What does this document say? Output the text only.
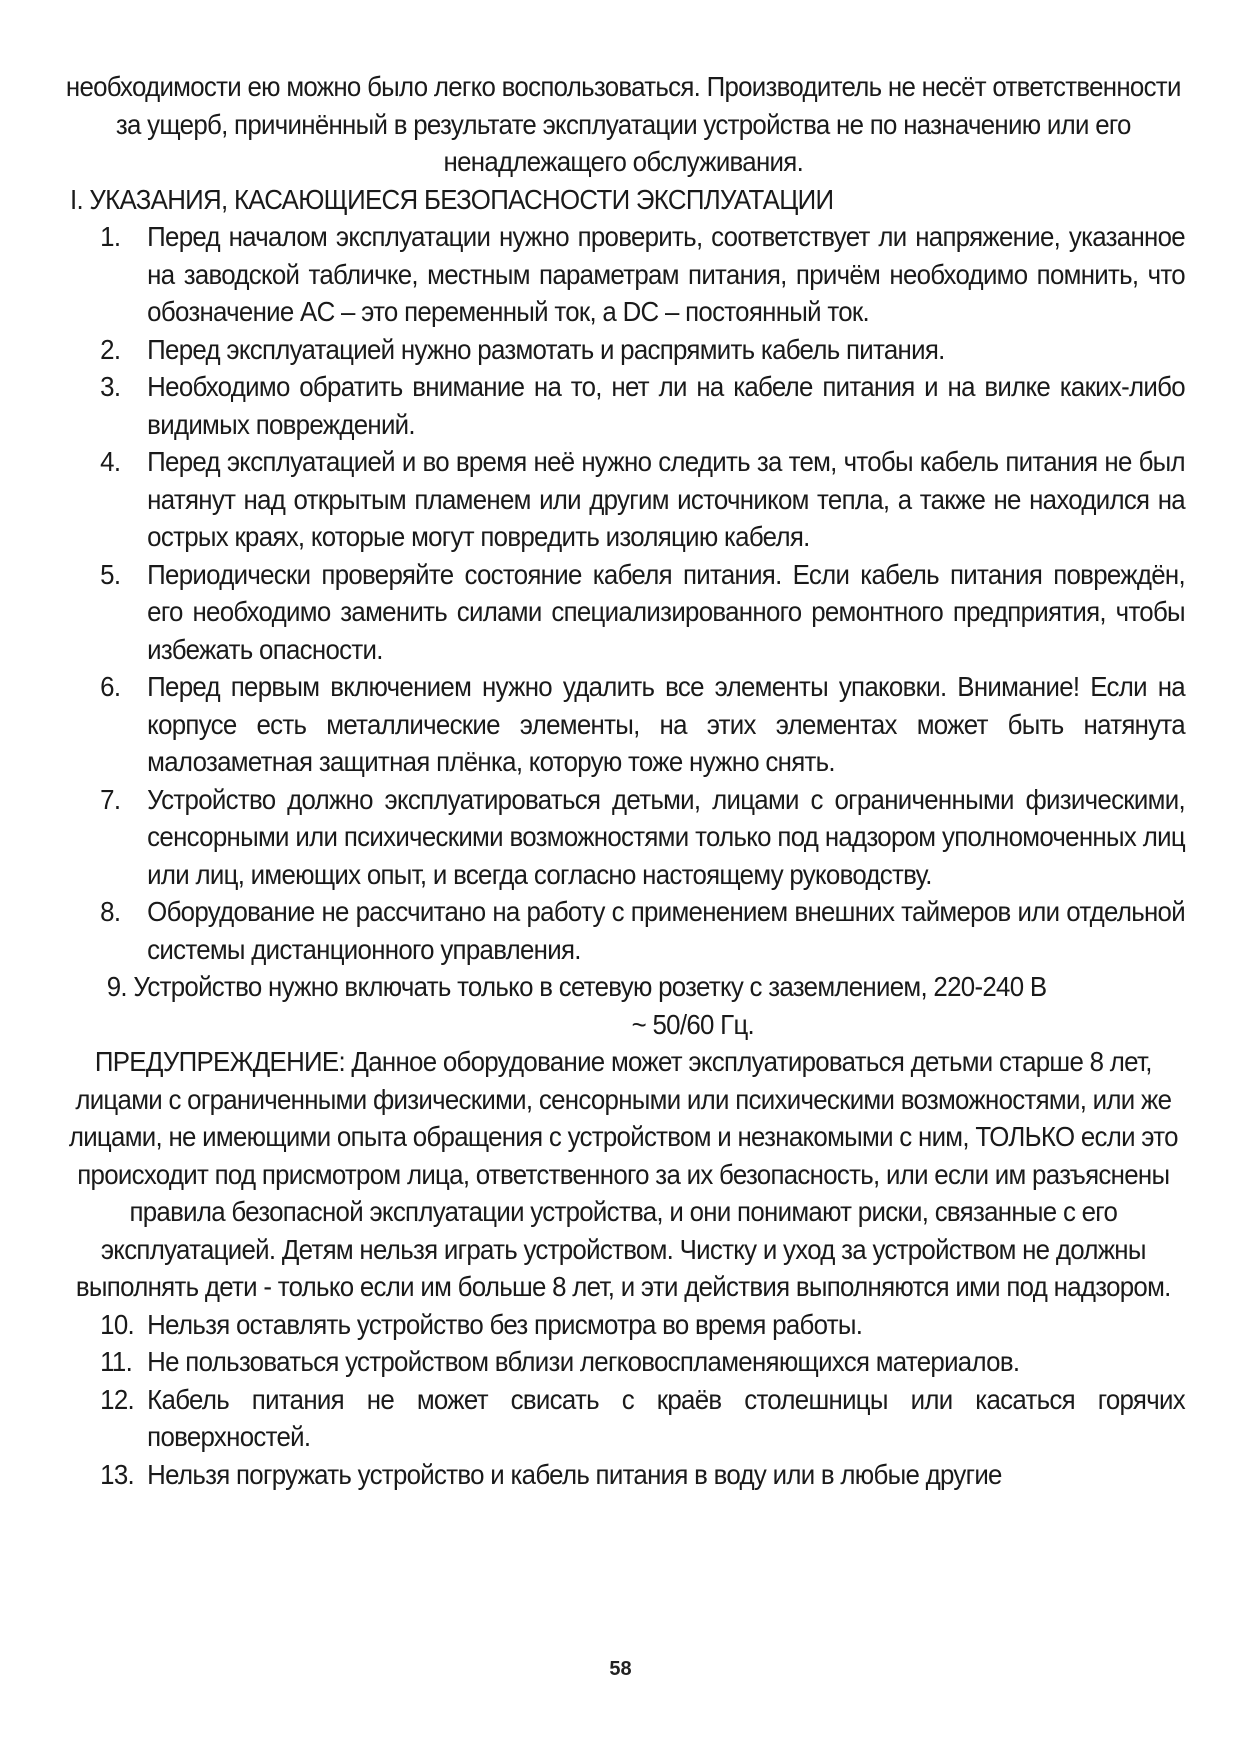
необходимости ею можно было легко воспользоваться. Производитель не несёт ответственности за ущерб, причинённый в результате эксплуатации устройства не по назначению или его ненадлежащего обслуживания.
I. УКАЗАНИЯ, КАСАЮЩИЕСЯ БЕЗОПАСНОСТИ ЭКСПЛУАТАЦИИ
1. Перед началом эксплуатации нужно проверить, соответствует ли напряжение, указанное на заводской табличке, местным параметрам питания, причём необходимо помнить, что обозначение AC – это переменный ток, а DC – постоянный ток.
2. Перед эксплуатацией нужно размотать и распрямить кабель питания.
3. Необходимо обратить внимание на то, нет ли на кабеле питания и на вилке каких-либо видимых повреждений.
4. Перед эксплуатацией и во время неё нужно следить за тем, чтобы кабель питания не был натянут над открытым пламенем или другим источником тепла, а также не находился на острых краях, которые могут повредить изоляцию кабеля.
5. Периодически проверяйте состояние кабеля питания. Если кабель питания повреждён, его необходимо заменить силами специализированного ремонтного предприятия, чтобы избежать опасности.
6. Перед первым включением нужно удалить все элементы упаковки. Внимание! Если на корпусе есть металлические элементы, на этих элементах может быть натянута малозаметная защитная плёнка, которую тоже нужно снять.
7. Устройство должно эксплуатироваться детьми, лицами с ограниченными физическими, сенсорными или психическими возможностями только под надзором уполномоченных лиц или лиц, имеющих опыт, и всегда согласно настоящему руководству.
8. Оборудование не рассчитано на работу с применением внешних таймеров или отдельной системы дистанционного управления.
9. Устройство нужно включать только в сетевую розетку с заземлением, 220-240 В
~ 50/60 Гц.
ПРЕДУПРЕЖДЕНИЕ: Данное оборудование может эксплуатироваться детьми старше 8 лет, лицами с ограниченными физическими, сенсорными или психическими возможностями, или же лицами, не имеющими опыта обращения с устройством и незнакомыми с ним, ТОЛЬКО если это происходит под присмотром лица, ответственного за их безопасность, или если им разъяснены правила безопасной эксплуатации устройства, и они понимают риски, связанные с его эксплуатацией. Детям нельзя играть устройством. Чистку и уход за устройством не должны выполнять дети - только если им больше 8 лет, и эти действия выполняются ими под надзором.
10. Нельзя оставлять устройство без присмотра во время работы.
11. Не пользоваться устройством вблизи легковоспламеняющихся материалов.
12. Кабель питания не может свисать с краёв столешницы или касаться горячих поверхностей.
13. Нельзя погружать устройство и кабель питания в воду или в любые другие
58
